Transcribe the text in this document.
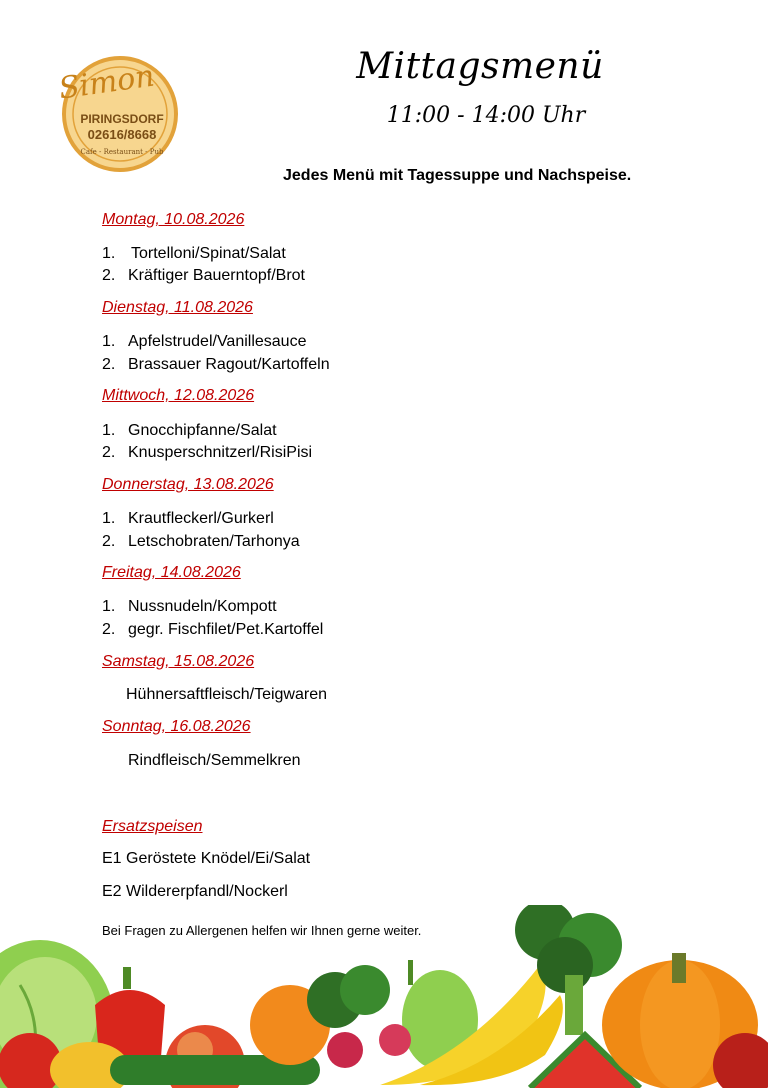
Simon
PIRINGSDORF
02616/8668
Cafe - Restaurant - Pub
Mittagsmenü
11:00 - 14:00 Uhr
Jedes Menü mit Tagessuppe und Nachspeise.
Montag, 10.08.2026
1. Tortelloni/Spinat/Salat
2. Kräftiger Bauerntopf/Brot
Dienstag, 11.08.2026
1. Apfelstrudel/Vanillesauce
2. Brassauer Ragout/Kartoffeln
Mittwoch, 12.08.2026
1. Gnocchipfanne/Salat
2. Knusperschnitzerl/RisiPisi
Donnerstag, 13.08.2026
1. Krautfleckerl/Gurkerl
2. Letschobraten/Tarhonya
Freitag, 14.08.2026
1. Nussnudeln/Kompott
2. gegr. Fischfilet/Pet.Kartoffel
Samstag, 15.08.2026
Hühnersaftfleisch/Teigwaren
Sonntag, 16.08.2026
Rindfleisch/Semmelkren
Ersatzspeisen
E1 Geröstete Knödel/Ei/Salat
E2 Wildererpfandl/Nockerl
Bei Fragen zu Allergenen helfen wir Ihnen gerne weiter.
